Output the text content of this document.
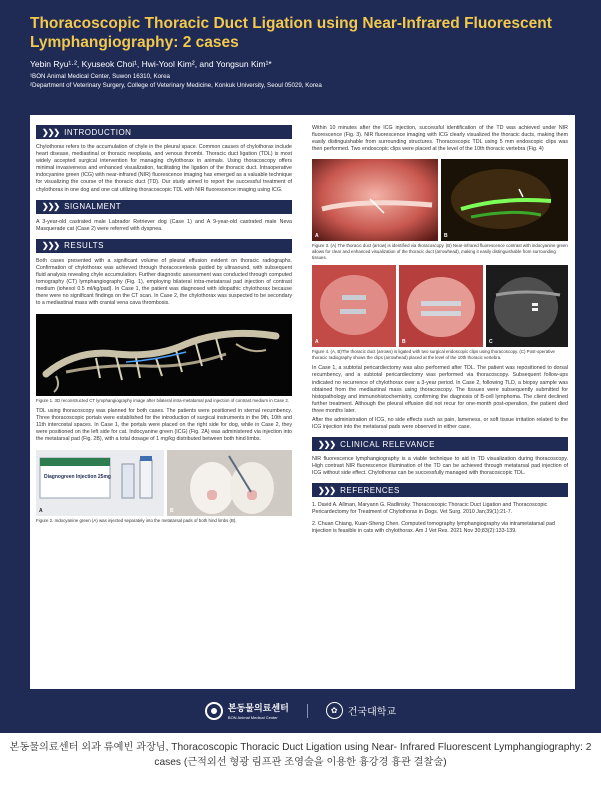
Thoracoscopic Thoracic Duct Ligation using Near-Infrared Fluorescent Lymphangiography: 2 cases
Yebin Ryu¹·², Kyuseok Choi¹, Hwi-Yool Kim², and Yongsun Kim¹*
¹BON Animal Medical Center, Suwon 16310, Korea
²Department of Veterinary Surgery, College of Veterinary Medicine, Konkuk University, Seoul 05029, Korea
❯❯❯ INTRODUCTION

Chylothorax refers to the accumulation of chyle in the pleural space. Common causes of chylothorax include heart disease, mediastinal or thoracic neoplasia, and venous thrombi. Thoracic duct ligation (TDL) is most widely accepted surgical intervention for managing chylothorax in animals. Using thoracoscopy offers minimal invasiveness and enhanced visualization, facilitating the ligation of the thoracic duct. Intraoperative indocyanine green (ICG) with near-infrared (NIR) fluorescence imaging has emerged as a valuable technique for visualizing the course of the thoracic duct (TD). Our study aimed to report the successful treatment of chylothorax in one dog and one cat utilizing thoracoscopic TDL with NIR fluorescence imaging using ICG.

❯❯❯ SIGNALMENT

A 3-year-old castrated male Labrador Retriever dog (Case 1) and A 9-year-old castrated male Neva Masquerade cat (Case 2) were referred with dyspnea.

❯❯❯ RESULTS

Both cases presented with a significant volume of pleural effusion evident on thoracic radiographs. Confirmation of chylothorax was achieved through thoracocentesis guided by ultrasound, with subsequent fluid analysis revealing chyle accumulation. Further diagnostic assessment was conducted through computed tomography (CT) lymphangiography (Fig. 1), employing bilateral intra-metatarsal pad injection of contrast medium (iohexol 0.5 ml/kg/pad). In Case 1, the patient was diagnosed with idiopathic chylothorax because there were no significant findings on the CT scan. In Case 2, the chylothorax was suspected to be secondary to a mediastinal mass with cranial vena cava thrombosis.

Figure 1. 3D reconstructed CT lymphangiography image after bilateral intra-metatarsal pad injection of contrast medium in Case 2.

TDL using thoracoscopy was planned for both cases. The patients were positioned in sternal recumbency. Three thoracoscopic portals were established for the introduction of surgical instruments in the 9th, 10th and 11th intercostal spaces. In Case 1, the portals were placed on the right side for dog, while in Case 2, they were positioned on the left side for cat. Indocyanine green (ICG) (Fig. 2A) was administered via injection into the metatarsal pad (Fig. 2B), with a total dosage of 1 mg/kg distributed between both hind limbs.

Diagnogreen Injection 25mg
A	B

Figure 2. Indocyanine green (A) was injected separately into the metatarsal pads of both hind limbs (B).

Within 10 minutes after the ICG injection, successful identification of the TD was achieved under NIR fluorescence (Fig. 3). NIR fluorescence imaging with ICG clearly visualized the thoracic ducts, making them easily distinguishable from surrounding structures. Thoracoscopic TDL using 5 mm endoscopic clips was then performed. Two endoscopic clips were placed at the level of the 10th thoracic vertebra (Fig. 4)

A	B

Figure 3. (A) The thoracic duct (arrow) is identified via thoracoscopy. (B) Near-infrared fluorescence contrast with indocyanine green allows for clear and enhanced visualization of the thoracic duct (arrowhead), making it easily distinguishable from surrounding tissues.

A	B	C

Figure 4. (A, B)The thoracic duct (arrows) is ligated with two surgical endoscopic clips using thoracoscopy. (C) Post-operative thoracic radiography shows the clips (arrowhead) placed at the level of the 10th thoracic vertebra.

In Case 1, a subtotal pericardiectomy was also performed after TDL. The patient was repositioned to dorsal recumbency, and a subtotal pericardiectomy was performed via thoracoscopy. Subsequent follow-ups indicated no recurrence of chylothorax over a 3-year period. In Case 2, following TLD, a biopsy sample was obtained from the mediastinal mass using thoracoscopy. The tissues were subsequently submitted for histopathology and immunohistochemistry, confirming the diagnosis of B-cell lymphoma. The client declined further treatment. Although the pleural effusion did not recur for one-month post-operation, the patient died three months later.

After the administration of ICG, no side effects such as pain, lameness, or soft tissue irritation related to the ICG injection into the metatarsal pads were observed in either case.

❯❯❯ CLINICAL RELEVANCE

NIR fluorescence lymphangiography is a viable technique to aid in TD visualization during thoracoscopy. High contrast NIR fluorescence illumination of the TD can be achieved through metatarsal pad injection of ICG without side effect. Chylothorax can be successfully managed with thoracoscopic TDL.

❯❯❯ REFERENCES

1. David A. Allman, Maryann G. Radlinsky. Thoracoscopic Thoracic Duct Ligation and Thoracoscopic Pericardectomy for Treatment of Chylothorax in Dogs. Vet Surg. 2010 Jan;39(1):21-7.

2. Chuan Chiang, Kuan-Sheng Chen. Computed tomography lymphangiography via intrametatarsal pad injection is feasible in cats with chylothorax. Am J Vet Res. 2021 Nov 30;83(2):133-139.

본동물의료센터
BON Animal Medical Center
✿	건국대학교
본동물의료센터 외과 류예빈 과장님, Thoracoscopic Thoracic Duct Ligation using Near- Infrared Fluorescent Lymphangiography: 2 cases (근적외선 형광 림프관 조영술을 이용한 흉강경 흉관 결찰술)
